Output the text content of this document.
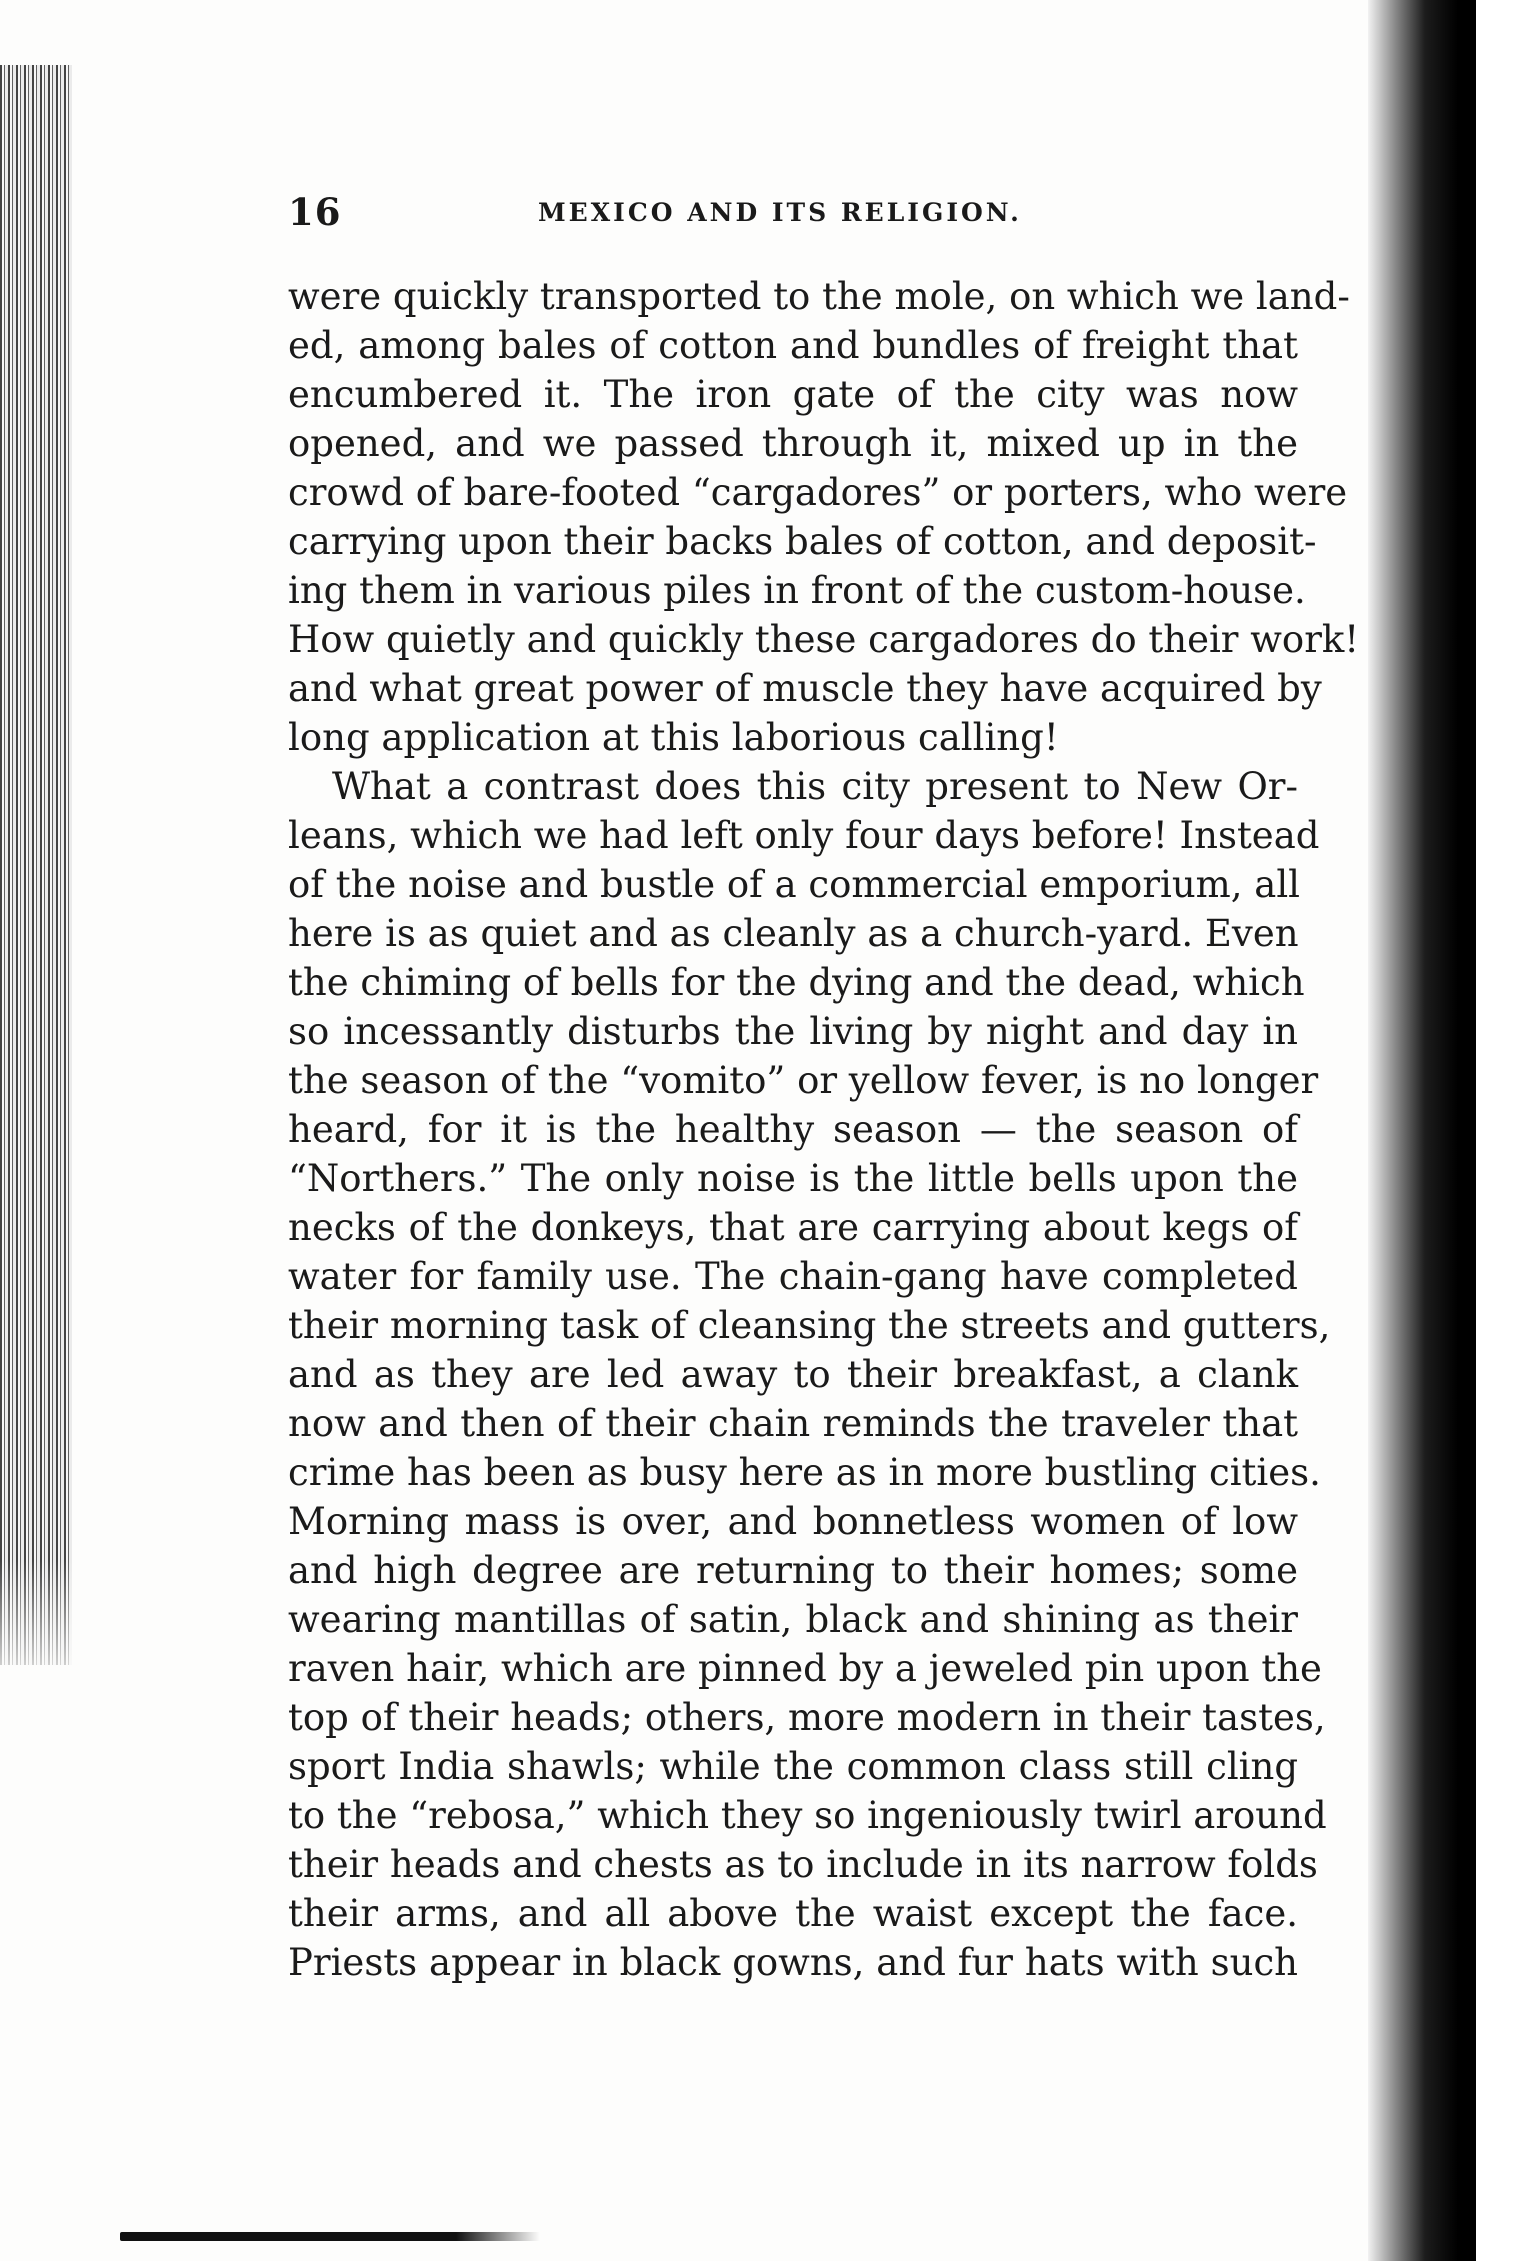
16	MEXICO AND ITS RELIGION.
were quickly transported to the mole, on which we land-
ed, among bales of cotton and bundles of freight that
encumbered it. The iron gate of the city was now
opened, and we passed through it, mixed up in the
crowd of bare-footed “cargadores” or porters, who were
carrying upon their backs bales of cotton, and deposit-
ing them in various piles in front of the custom-house.
How quietly and quickly these cargadores do their work!
and what great power of muscle they have acquired by
long application at this laborious calling!
What a contrast does this city present to New Or-
leans, which we had left only four days before! Instead
of the noise and bustle of a commercial emporium, all
here is as quiet and as cleanly as a church-yard. Even
the chiming of bells for the dying and the dead, which
so incessantly disturbs the living by night and day in
the season of the “vomito” or yellow fever, is no longer
heard, for it is the healthy season — the season of
“Northers.” The only noise is the little bells upon the
necks of the donkeys, that are carrying about kegs of
water for family use. The chain-gang have completed
their morning task of cleansing the streets and gutters,
and as they are led away to their breakfast, a clank
now and then of their chain reminds the traveler that
crime has been as busy here as in more bustling cities.
Morning mass is over, and bonnetless women of low
and high degree are returning to their homes; some
wearing mantillas of satin, black and shining as their
raven hair, which are pinned by a jeweled pin upon the
top of their heads; others, more modern in their tastes,
sport India shawls; while the common class still cling
to the “rebosa,” which they so ingeniously twirl around
their heads and chests as to include in its narrow folds
their arms, and all above the waist except the face.
Priests appear in black gowns, and fur hats with such
